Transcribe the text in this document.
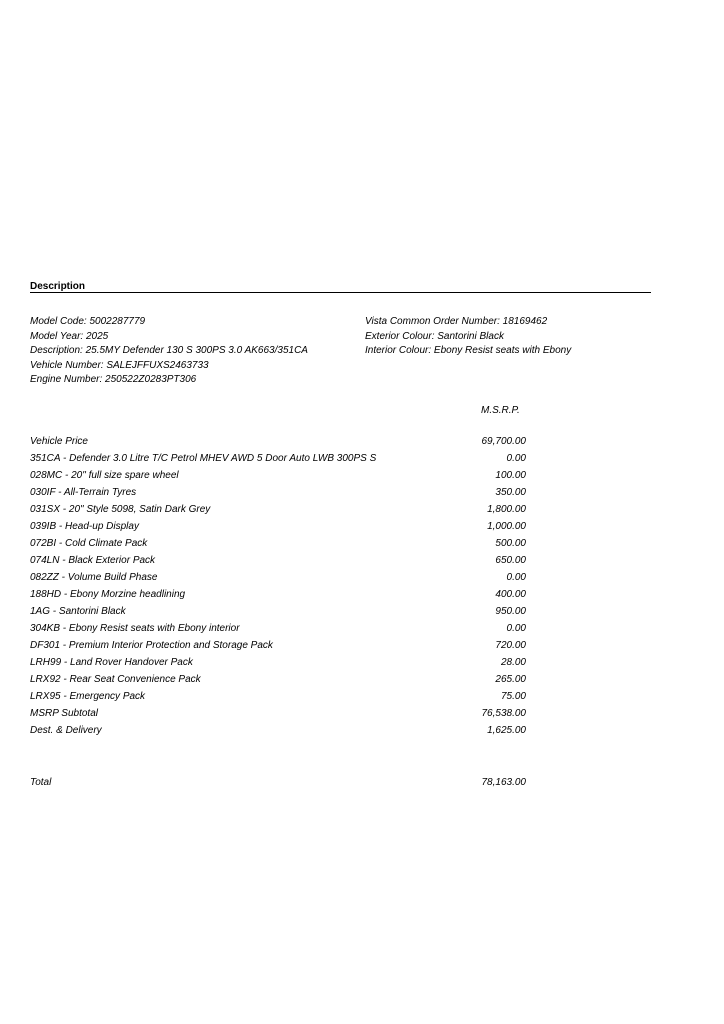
Description
Model Code: 5002287779
Model Year: 2025
Description: 25.5MY Defender 130 S 300PS 3.0 AK663/351CA
Vehicle Number: SALEJFFUXS2463733
Engine Number: 250522Z0283PT306
Vista Common Order Number: 18169462
Exterior Colour: Santorini Black
Interior Colour: Ebony Resist seats with Ebony
M.S.R.P.
Vehicle Price	69,700.00
351CA - Defender 3.0 Litre T/C Petrol MHEV AWD 5 Door Auto LWB 300PS S	0.00
028MC - 20" full size spare wheel	100.00
030IF - All-Terrain Tyres	350.00
031SX - 20" Style 5098, Satin Dark Grey	1,800.00
039IB - Head-up Display	1,000.00
072BI - Cold Climate Pack	500.00
074LN - Black Exterior Pack	650.00
082ZZ - Volume Build Phase	0.00
188HD - Ebony Morzine headlining	400.00
1AG - Santorini Black	950.00
304KB - Ebony Resist seats with Ebony interior	0.00
DF301 - Premium Interior Protection and Storage Pack	720.00
LRH99 - Land Rover Handover Pack	28.00
LRX92 - Rear Seat Convenience Pack	265.00
LRX95 - Emergency Pack	75.00
MSRP Subtotal	76,538.00
Dest. & Delivery	1,625.00
Total	78,163.00
